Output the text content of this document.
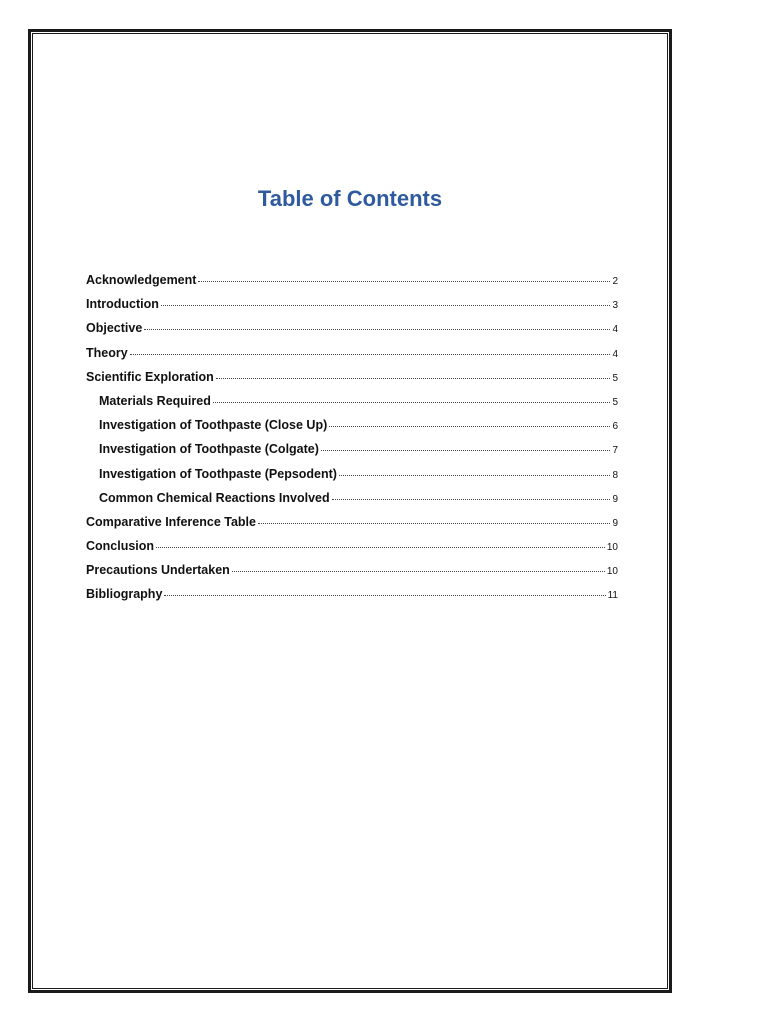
Table of Contents
Acknowledgement	2
Introduction	3
Objective	4
Theory	4
Scientific Exploration	5
Materials Required	5
Investigation of Toothpaste (Close Up)	6
Investigation of Toothpaste (Colgate)	7
Investigation of Toothpaste (Pepsodent)	8
Common Chemical Reactions Involved	9
Comparative Inference Table	9
Conclusion	10
Precautions Undertaken	10
Bibliography	11
